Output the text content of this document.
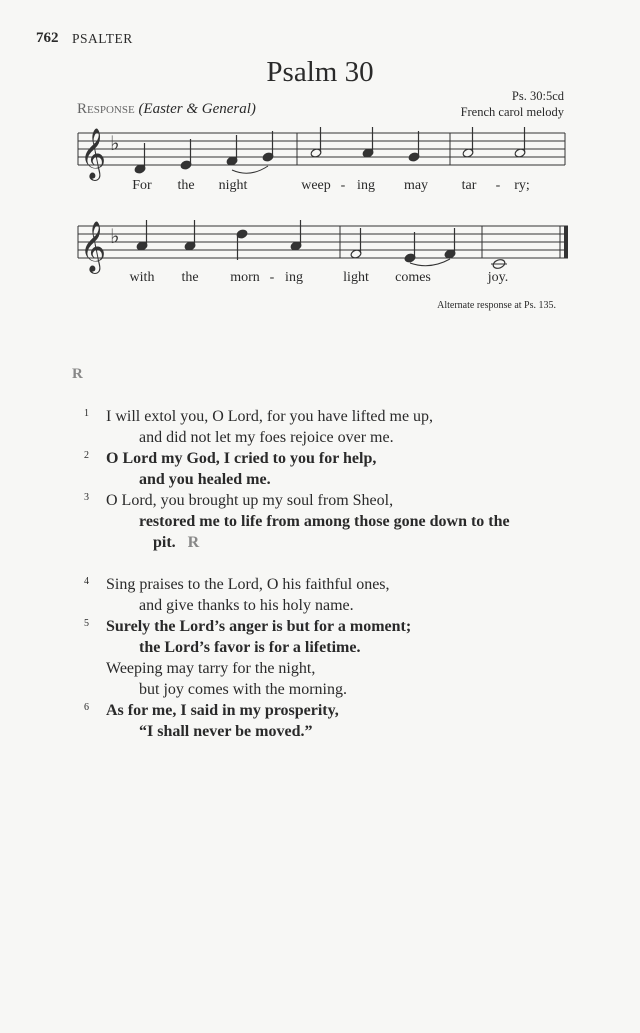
762 PSALTER
Psalm 30
Ps. 30:5cd
French carol melody
Response (Easter & General)
𝄞 ♭
For the night	weep - ing may tar - ry;
𝄞 ♭
with the morn - ing	light comes	joy.
Alternate response at Ps. 135.
R
1 I will extol you, O Lord, for you have lifted me up,
and did not let my foes rejoice over me.
2 O Lord my God, I cried to you for help,
and you healed me.
3 O Lord, you brought up my soul from Sheol,
restored me to life from among those gone down to the
pit. R
4 Sing praises to the Lord, O his faithful ones,
and give thanks to his holy name.
5 Surely the Lord’s anger is but for a moment;
the Lord’s favor is for a lifetime.
Weeping may tarry for the night,
but joy comes with the morning.
6 As for me, I said in my prosperity,
“I shall never be moved.”
